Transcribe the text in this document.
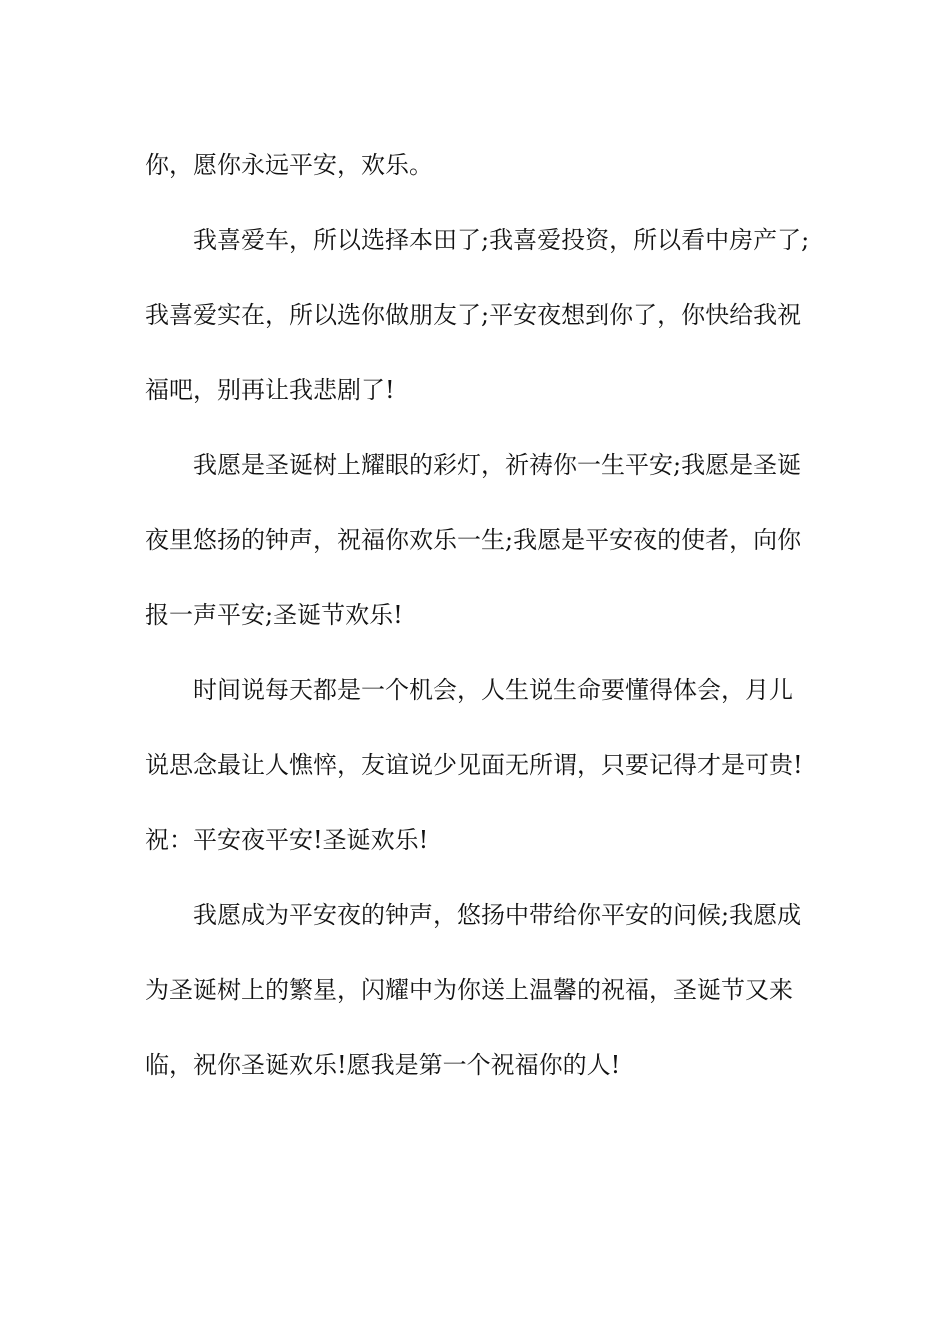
你，愿你永远平安，欢乐。
我喜爱车，所以选择本田了;我喜爱投资，所以看中房产了;
我喜爱实在，所以选你做朋友了;平安夜想到你了，你快给我祝
福吧，别再让我悲剧了!
我愿是圣诞树上耀眼的彩灯，祈祷你一生平安;我愿是圣诞
夜里悠扬的钟声，祝福你欢乐一生;我愿是平安夜的使者，向你
报一声平安;圣诞节欢乐!
时间说每天都是一个机会，人生说生命要懂得体会，月儿
说思念最让人憔悴，友谊说少见面无所谓，只要记得才是可贵!
祝：平安夜平安!圣诞欢乐!
我愿成为平安夜的钟声，悠扬中带给你平安的问候;我愿成
为圣诞树上的繁星，闪耀中为你送上温馨的祝福，圣诞节又来
临，祝你圣诞欢乐!愿我是第一个祝福你的人!
